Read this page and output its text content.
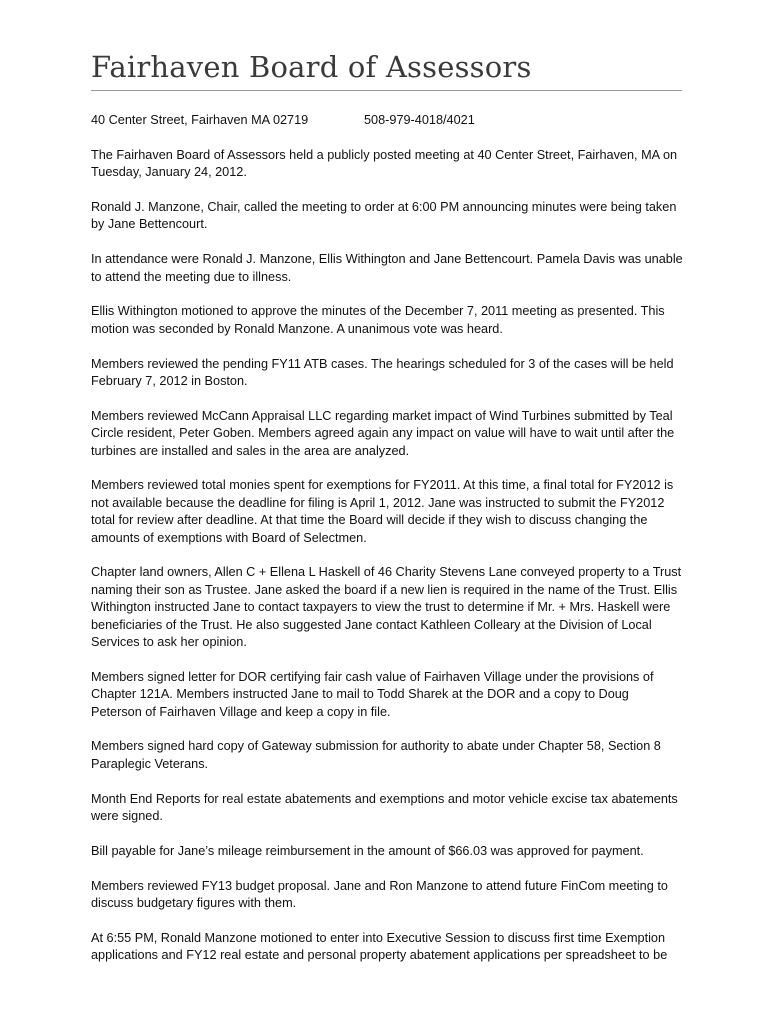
Fairhaven Board of Assessors

40 Center Street, Fairhaven MA 02719	508-979-4018/4021

The Fairhaven Board of Assessors held a publicly posted meeting at 40 Center Street, Fairhaven, MA on Tuesday, January 24, 2012.

Ronald J. Manzone, Chair, called the meeting to order at 6:00 PM announcing minutes were being taken by Jane Bettencourt.

In attendance were Ronald J. Manzone, Ellis Withington and Jane Bettencourt. Pamela Davis was unable to attend the meeting due to illness.

Ellis Withington motioned to approve the minutes of the December 7, 2011 meeting as presented. This motion was seconded by Ronald Manzone. A unanimous vote was heard.

Members reviewed the pending FY11 ATB cases. The hearings scheduled for 3 of the cases will be held February 7, 2012 in Boston.

Members reviewed McCann Appraisal LLC regarding market impact of Wind Turbines submitted by Teal Circle resident, Peter Goben. Members agreed again any impact on value will have to wait until after the turbines are installed and sales in the area are analyzed.

Members reviewed total monies spent for exemptions for FY2011. At this time, a final total for FY2012 is not available because the deadline for filing is April 1, 2012. Jane was instructed to submit the FY2012 total for review after deadline. At that time the Board will decide if they wish to discuss changing the amounts of exemptions with Board of Selectmen.

Chapter land owners, Allen C + Ellena L Haskell of 46 Charity Stevens Lane conveyed property to a Trust naming their son as Trustee. Jane asked the board if a new lien is required in the name of the Trust. Ellis Withington instructed Jane to contact taxpayers to view the trust to determine if Mr. + Mrs. Haskell were beneficiaries of the Trust. He also suggested Jane contact Kathleen Colleary at the Division of Local Services to ask her opinion.

Members signed letter for DOR certifying fair cash value of Fairhaven Village under the provisions of Chapter 121A. Members instructed Jane to mail to Todd Sharek at the DOR and a copy to Doug Peterson of Fairhaven Village and keep a copy in file.

Members signed hard copy of Gateway submission for authority to abate under Chapter 58, Section 8 Paraplegic Veterans.

Month End Reports for real estate abatements and exemptions and motor vehicle excise tax abatements were signed.

Bill payable for Jane’s mileage reimbursement in the amount of $66.03 was approved for payment.

Members reviewed FY13 budget proposal. Jane and Ron Manzone to attend future FinCom meeting to discuss budgetary figures with them.

At 6:55 PM, Ronald Manzone motioned to enter into Executive Session to discuss first time Exemption applications and FY12 real estate and personal property abatement applications per spreadsheet to be
